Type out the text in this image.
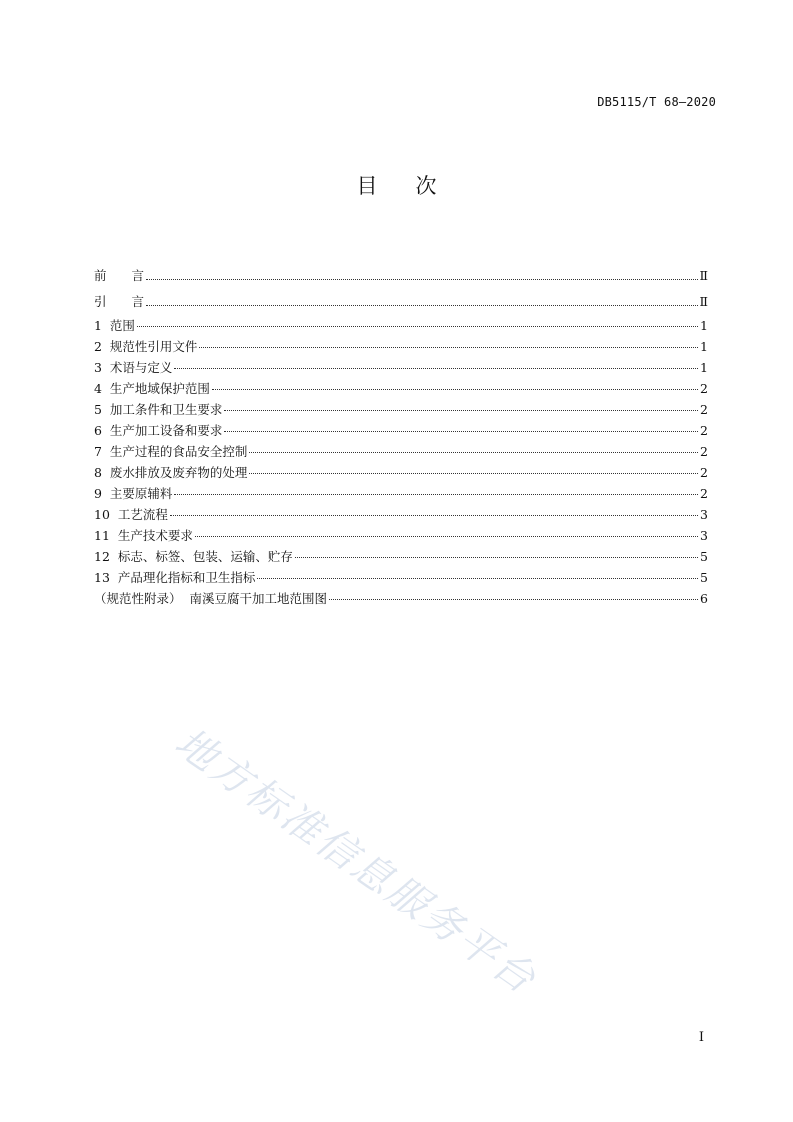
DB5115/T 68—2020
目次
前　　言	Ⅱ
引　　言	Ⅱ
1  范围	1
2  规范性引用文件	1
3  术语与定义	1
4  生产地域保护范围	2
5  加工条件和卫生要求	2
6  生产加工设备和要求	2
7  生产过程的食品安全控制	2
8  废水排放及废弃物的处理	2
9  主要原辅料	2
10  工艺流程	3
11  生产技术要求	3
12  标志、标签、包装、运输、贮存	5
13  产品理化指标和卫生指标	5
（规范性附录）  南溪豆腐干加工地范围图	6
地方标准信息服务平台
I
